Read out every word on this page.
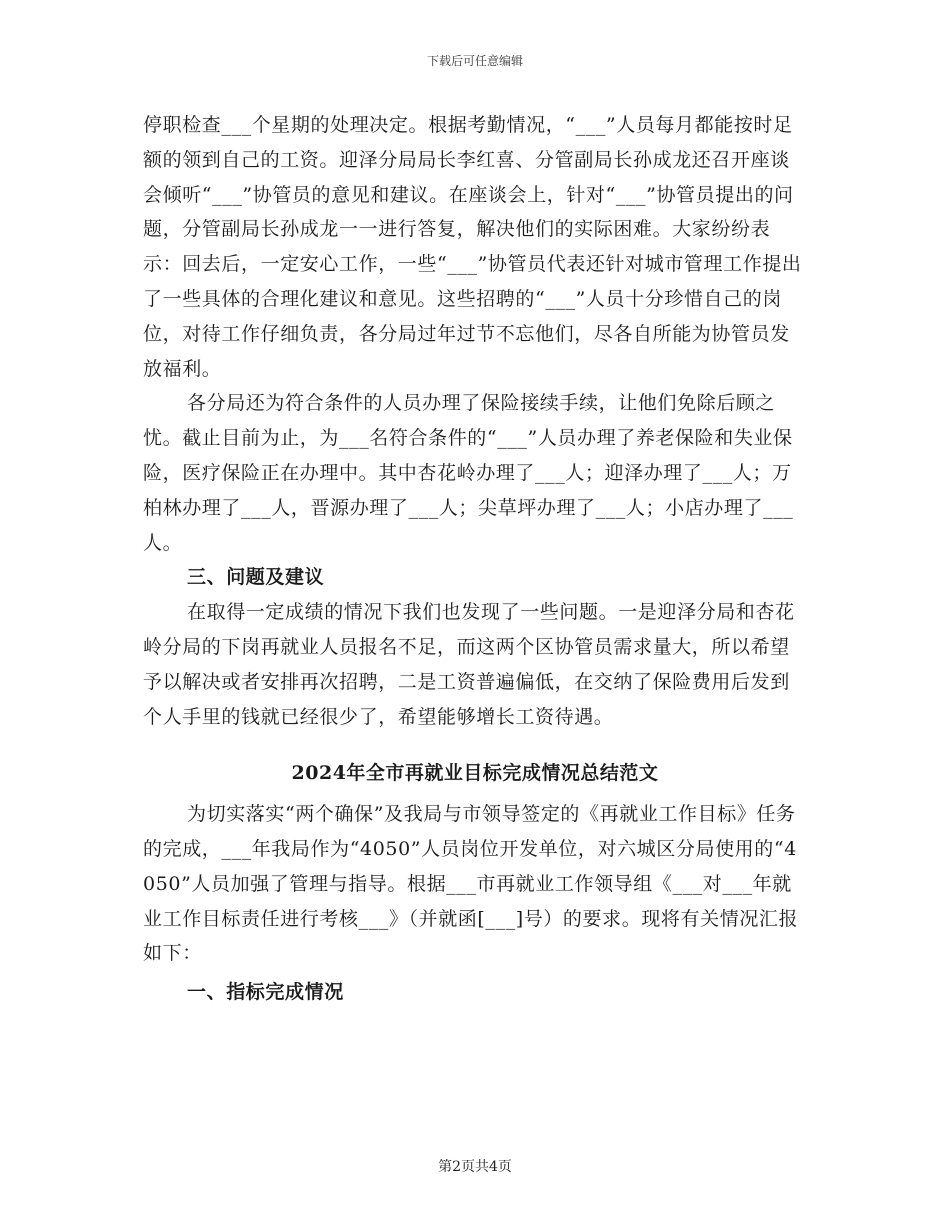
下载后可任意编辑

停职检查___个星期的处理决定。根据考勤情况，“___”人员每月都能按时足额的领到自己的工资。迎泽分局局长李红喜、分管副局长孙成龙还召开座谈会倾听“___”协管员的意见和建议。在座谈会上，针对“___”协管员提出的问题，分管副局长孙成龙一一进行答复，解决他们的实际困难。大家纷纷表示：回去后，一定安心工作，一些“___”协管员代表还针对城市管理工作提出了一些具体的合理化建议和意见。这些招聘的“___”人员十分珍惜自己的岗位，对待工作仔细负责，各分局过年过节不忘他们，尽各自所能为协管员发放福利。

各分局还为符合条件的人员办理了保险接续手续，让他们免除后顾之忧。截止目前为止，为___名符合条件的“___”人员办理了养老保险和失业保险，医疗保险正在办理中。其中杏花岭办理了___人；迎泽办理了___人；万柏林办理了___人，晋源办理了___人；尖草坪办理了___人；小店办理了___人。

三、问题及建议

在取得一定成绩的情况下我们也发现了一些问题。一是迎泽分局和杏花岭分局的下岗再就业人员报名不足，而这两个区协管员需求量大，所以希望予以解决或者安排再次招聘，二是工资普遍偏低，在交纳了保险费用后发到个人手里的钱就已经很少了，希望能够增长工资待遇。

2024年全市再就业目标完成情况总结范文

为切实落实“两个确保”及我局与市领导签定的《再就业工作目标》任务的完成，___年我局作为“4050”人员岗位开发单位，对六城区分局使用的“4050”人员加强了管理与指导。根据___市再就业工作领导组《___对___年就业工作目标责任进行考核___》（并就函[___]号）的要求。现将有关情况汇报如下：

一、指标完成情况

第2页共4页
